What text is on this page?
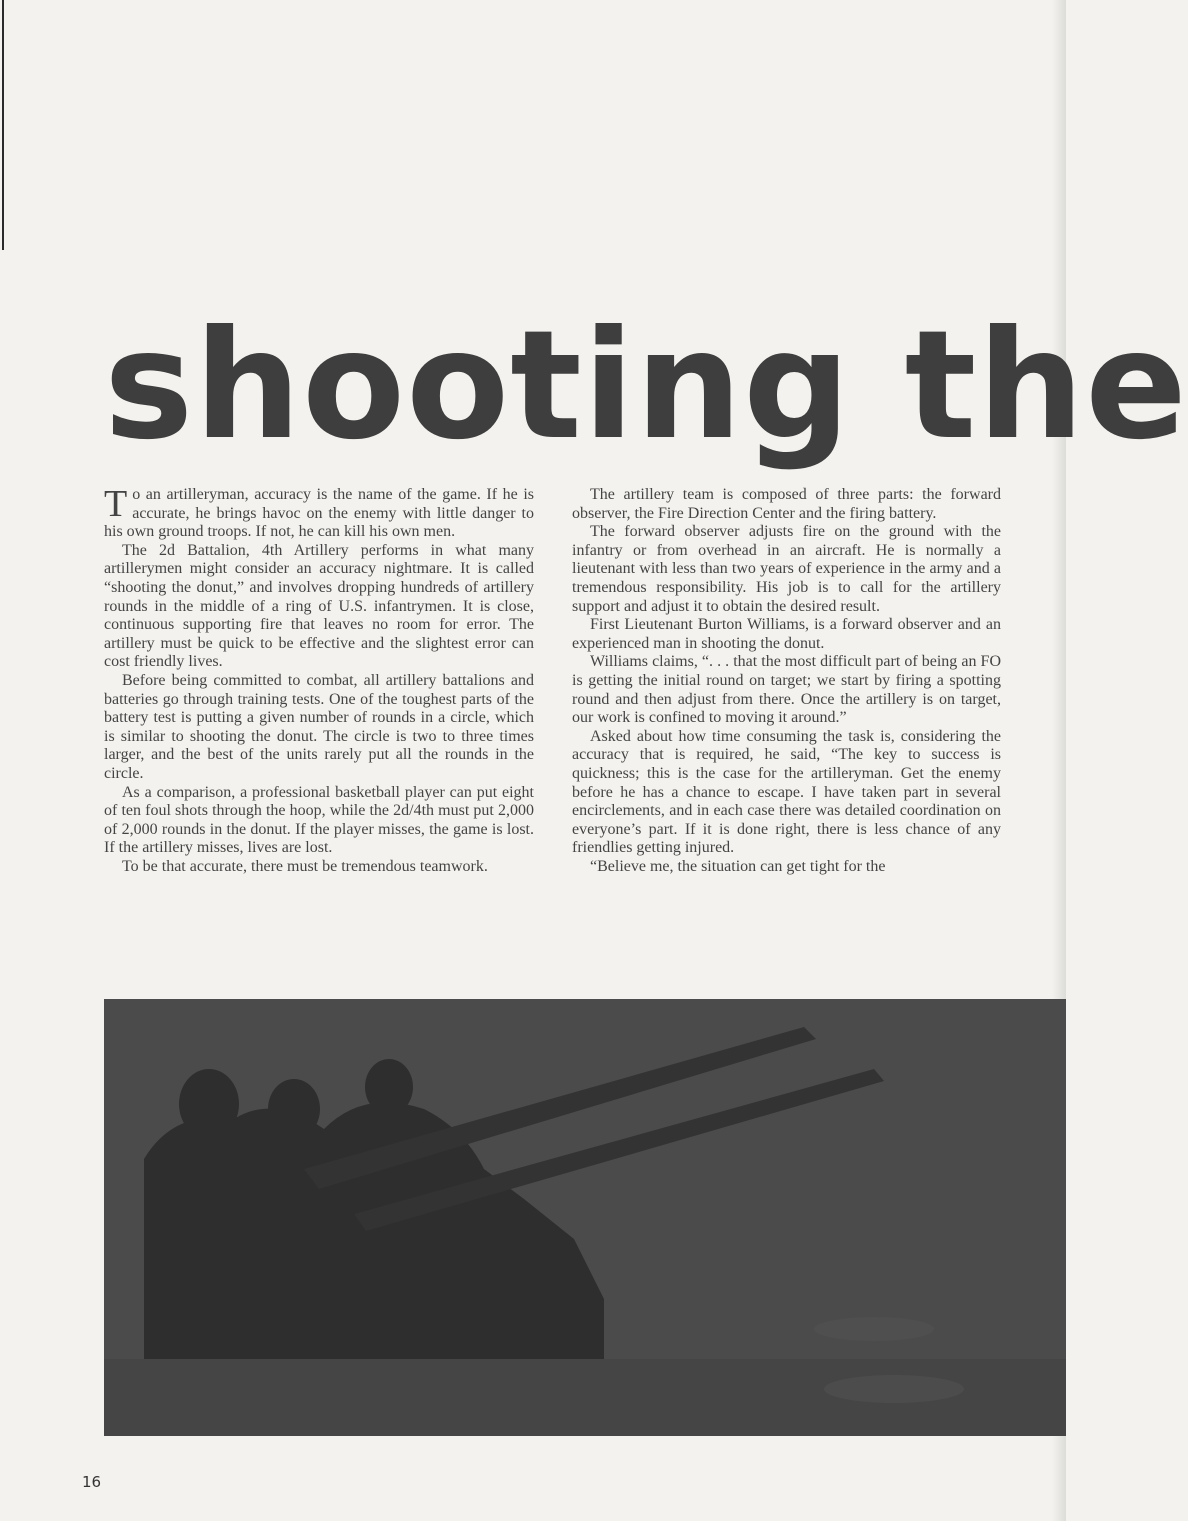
shooting the

To an artilleryman, accuracy is the name of the game. If he is accurate, he brings havoc on the enemy with little danger to his own ground troops. If not, he can kill his own men.

The 2d Battalion, 4th Artillery performs in what many artillerymen might consider an accuracy nightmare. It is called “shooting the donut,” and involves dropping hundreds of artillery rounds in the middle of a ring of U.S. infantrymen. It is close, continuous supporting fire that leaves no room for error. The artillery must be quick to be effective and the slightest error can cost friendly lives.

Before being committed to combat, all artillery battalions and batteries go through training tests. One of the toughest parts of the battery test is putting a given number of rounds in a circle, which is similar to shooting the donut. The circle is two to three times larger, and the best of the units rarely put all the rounds in the circle.

As a comparison, a professional basketball player can put eight of ten foul shots through the hoop, while the 2d/4th must put 2,000 of 2,000 rounds in the donut. If the player misses, the game is lost. If the artillery misses, lives are lost.

To be that accurate, there must be tremendous teamwork.

The artillery team is composed of three parts: the forward observer, the Fire Direction Center and the firing battery.

The forward observer adjusts fire on the ground with the infantry or from overhead in an aircraft. He is normally a lieutenant with less than two years of experience in the army and a tremendous responsibility. His job is to call for the artillery support and adjust it to obtain the desired result.

First Lieutenant Burton Williams, is a forward observer and an experienced man in shooting the donut.

Williams claims, “. . . that the most difficult part of being an FO is getting the initial round on target; we start by firing a spotting round and then adjust from there. Once the artillery is on target, our work is confined to moving it around.”

Asked about how time consuming the task is, considering the accuracy that is required, he said, “The key to success is quickness; this is the case for the artilleryman. Get the enemy before he has a chance to escape. I have taken part in several encirclements, and in each case there was detailed coordination on everyone’s part. If it is done right, there is less chance of any friendlies getting injured.

“Believe me, the situation can get tight for the

16
